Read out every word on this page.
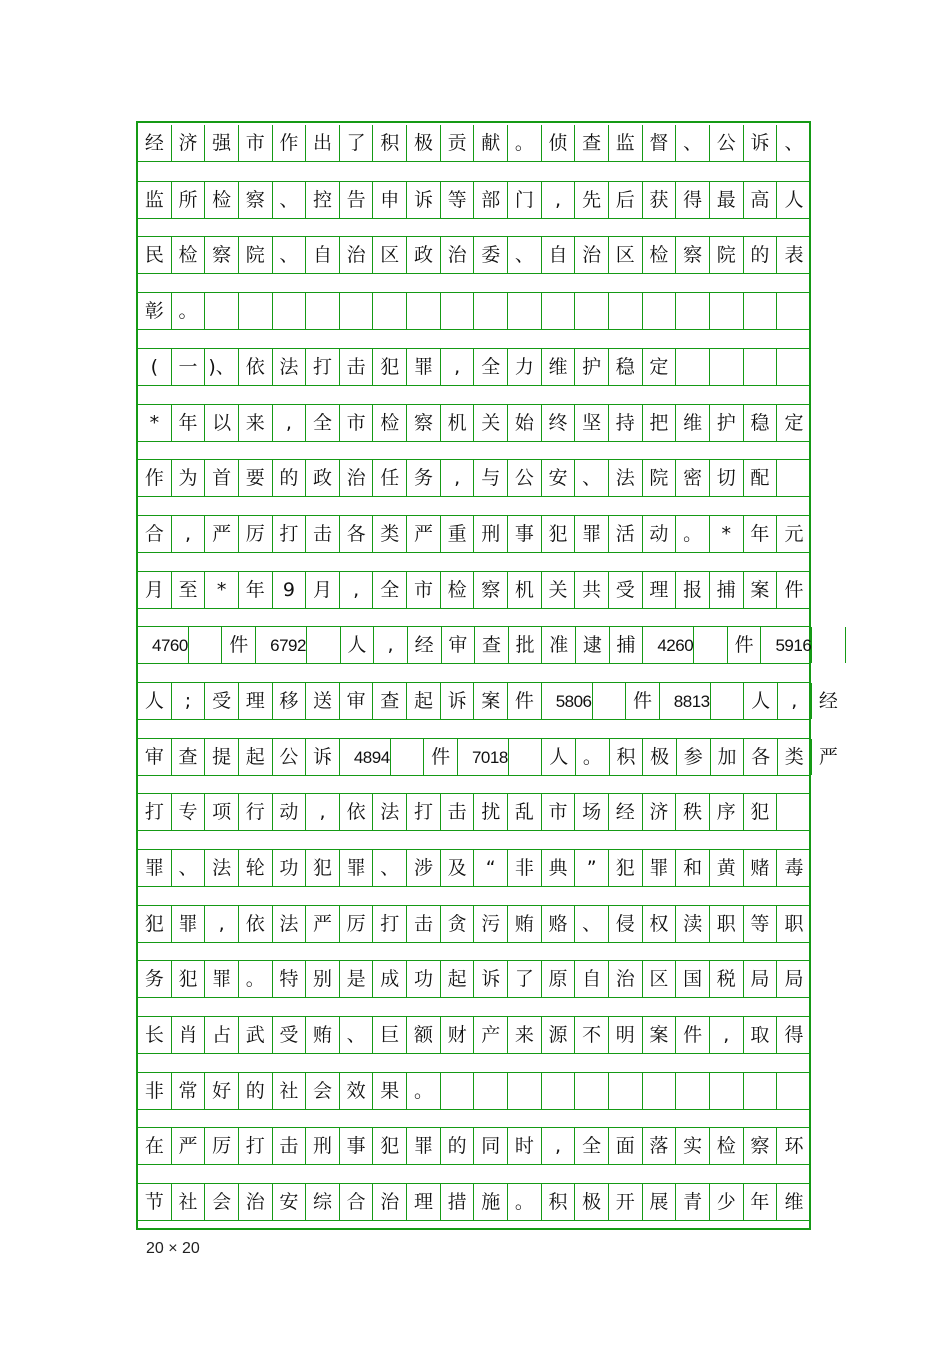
经 济 强 市 作 出 了 积 极 贡 献 。 侦 查 监 督 、 公 诉 、
监 所 检 察 、 控 告 申 诉 等 部 门	,	先 后 获 得 最 高 人
民 检 察 院 、 自 治 区 政 治 委 、 自 治 区 检 察 院 的 表
彰 。
(	一 )、 依 法 打 击 犯 罪	,	全 力 维 护 稳 定
*	年 以 来	,	全 市 检 察 机 关 始 终 坚 持 把 维 护 稳 定
作 为 首 要 的 政 治 任 务	,	与 公 安 、 法 院 密 切 配
合	,	严 厉 打 击 各 类 严 重 刑 事 犯 罪 活 动 。	*	年 元
月 至	*	年 9 月	,	全 市 检 察 机 关 共 受 理 报 捕 案 件
4760	件	6792	人	,	经 审 查 批 准 逮 捕	4260	件	5916
人	;	受 理 移 送 审 查 起 诉 案 件	5806	件	8813	人	,	经
审 查 提 起 公 诉	4894	件	7018	人 。 积 极 参 加 各 类 严
打 专 项 行 动	,	依 法 打 击 扰 乱 市 场 经 济 秩 序 犯
罪 、 法 轮 功 犯 罪 、 涉 及	“	非 典	”	犯 罪 和 黄 赌 毒
犯 罪	,	依 法 严 厉 打 击 贪 污 贿 赂 、 侵 权 渎 职 等 职
务 犯 罪 。 特 别 是 成 功 起 诉 了 原 自 治 区 国 税 局 局
长 肖 占 武 受 贿 、 巨 额 财 产 来 源 不 明 案 件	,	取 得
非 常 好 的 社 会 效 果 。
在 严 厉 打 击 刑 事 犯 罪 的 同 时	,	全 面 落 实 检 察 环
节 社 会 治 安 综 合 治 理 措 施 。 积 极 开 展 青 少 年 维
20 × 20
